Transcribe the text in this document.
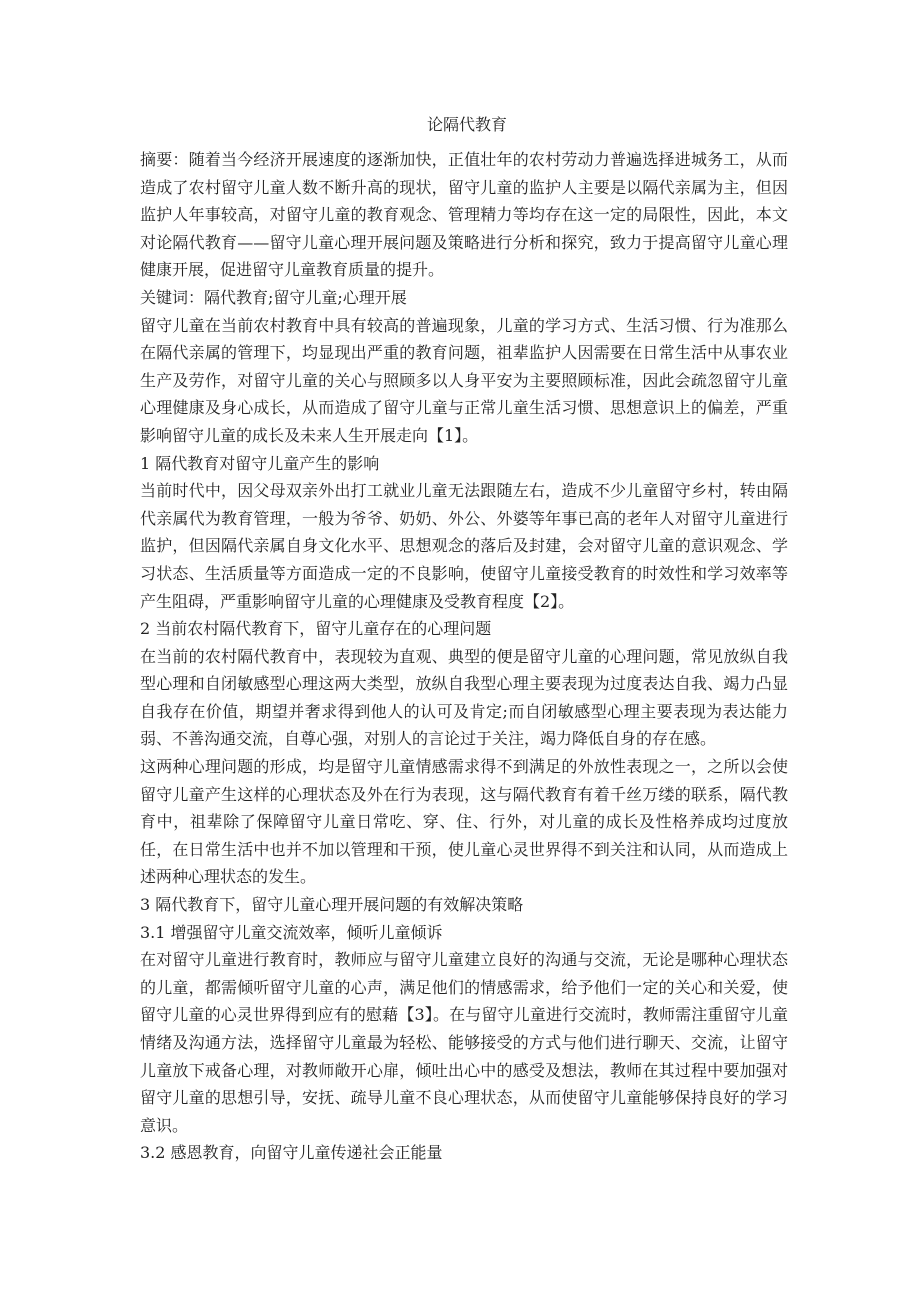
论隔代教育

摘要：随着当今经济开展速度的逐渐加快，正值壮年的农村劳动力普遍选择进城务工，从而造成了农村留守儿童人数不断升高的现状，留守儿童的监护人主要是以隔代亲属为主，但因监护人年事较高，对留守儿童的教育观念、管理精力等均存在这一定的局限性，因此，本文对论隔代教育——留守儿童心理开展问题及策略进行分析和探究，致力于提高留守儿童心理健康开展，促进留守儿童教育质量的提升。

关键词：隔代教育;留守儿童;心理开展

留守儿童在当前农村教育中具有较高的普遍现象，儿童的学习方式、生活习惯、行为准那么在隔代亲属的管理下，均显现出严重的教育问题，祖辈监护人因需要在日常生活中从事农业生产及劳作，对留守儿童的关心与照顾多以人身平安为主要照顾标准，因此会疏忽留守儿童心理健康及身心成长，从而造成了留守儿童与正常儿童生活习惯、思想意识上的偏差，严重影响留守儿童的成长及未来人生开展走向【1】。

1 隔代教育对留守儿童产生的影响

当前时代中，因父母双亲外出打工就业儿童无法跟随左右，造成不少儿童留守乡村，转由隔代亲属代为教育管理，一般为爷爷、奶奶、外公、外婆等年事已高的老年人对留守儿童进行监护，但因隔代亲属自身文化水平、思想观念的落后及封建，会对留守儿童的意识观念、学习状态、生活质量等方面造成一定的不良影响，使留守儿童接受教育的时效性和学习效率等产生阻碍，严重影响留守儿童的心理健康及受教育程度【2】。

2 当前农村隔代教育下，留守儿童存在的心理问题

在当前的农村隔代教育中，表现较为直观、典型的便是留守儿童的心理问题，常见放纵自我型心理和自闭敏感型心理这两大类型，放纵自我型心理主要表现为过度表达自我、竭力凸显自我存在价值，期望并奢求得到他人的认可及肯定;而自闭敏感型心理主要表现为表达能力弱、不善沟通交流，自尊心强，对别人的言论过于关注，竭力降低自身的存在感。

这两种心理问题的形成，均是留守儿童情感需求得不到满足的外放性表现之一，之所以会使留守儿童产生这样的心理状态及外在行为表现，这与隔代教育有着千丝万缕的联系，隔代教育中，祖辈除了保障留守儿童日常吃、穿、住、行外，对儿童的成长及性格养成均过度放任，在日常生活中也并不加以管理和干预，使儿童心灵世界得不到关注和认同，从而造成上述两种心理状态的发生。

3 隔代教育下，留守儿童心理开展问题的有效解决策略

3.1 增强留守儿童交流效率，倾听儿童倾诉

在对留守儿童进行教育时，教师应与留守儿童建立良好的沟通与交流，无论是哪种心理状态的儿童，都需倾听留守儿童的心声，满足他们的情感需求，给予他们一定的关心和关爱，使留守儿童的心灵世界得到应有的慰藉【3】。在与留守儿童进行交流时，教师需注重留守儿童情绪及沟通方法，选择留守儿童最为轻松、能够接受的方式与他们进行聊天、交流，让留守儿童放下戒备心理，对教师敞开心扉，倾吐出心中的感受及想法，教师在其过程中要加强对留守儿童的思想引导，安抚、疏导儿童不良心理状态，从而使留守儿童能够保持良好的学习意识。

3.2 感恩教育，向留守儿童传递社会正能量
